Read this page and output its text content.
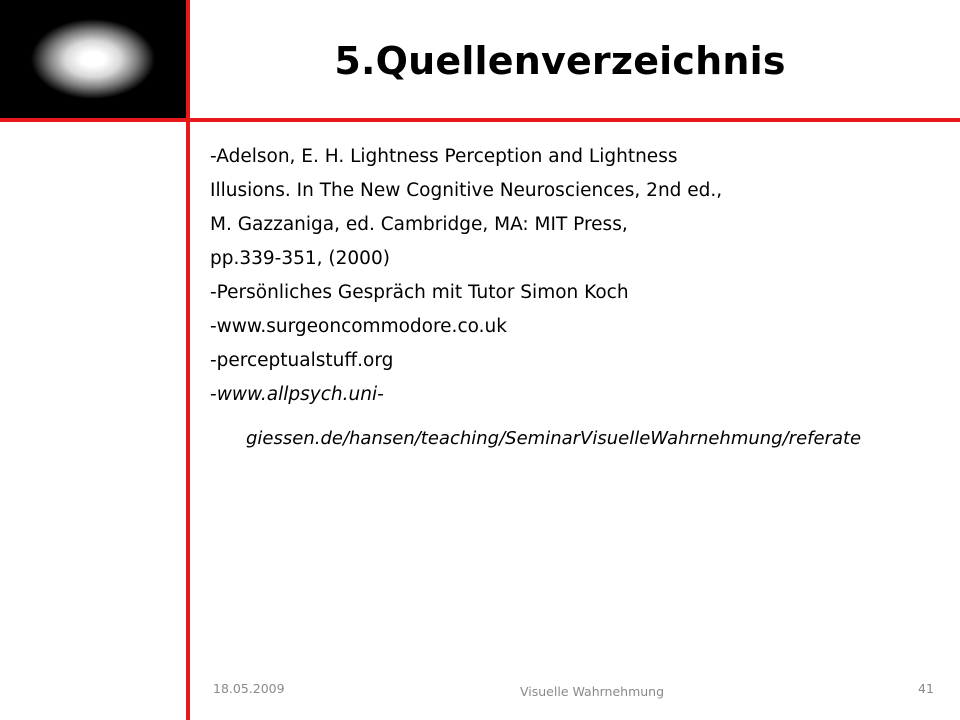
5.Quellenverzeichnis
-Adelson, E. H. Lightness Perception and Lightness
Illusions. In The New Cognitive Neurosciences, 2nd ed.,
M. Gazzaniga, ed. Cambridge, MA: MIT Press,
pp.339-351, (2000)
-Persönliches Gespräch mit Tutor Simon Koch
-www.surgeoncommodore.co.uk
-perceptualstuff.org
-www.allpsych.uni-
giessen.de/hansen/teaching/SeminarVisuelleWahrnehmung/referate
18.05.2009	Visuelle Wahrnehmung	41
